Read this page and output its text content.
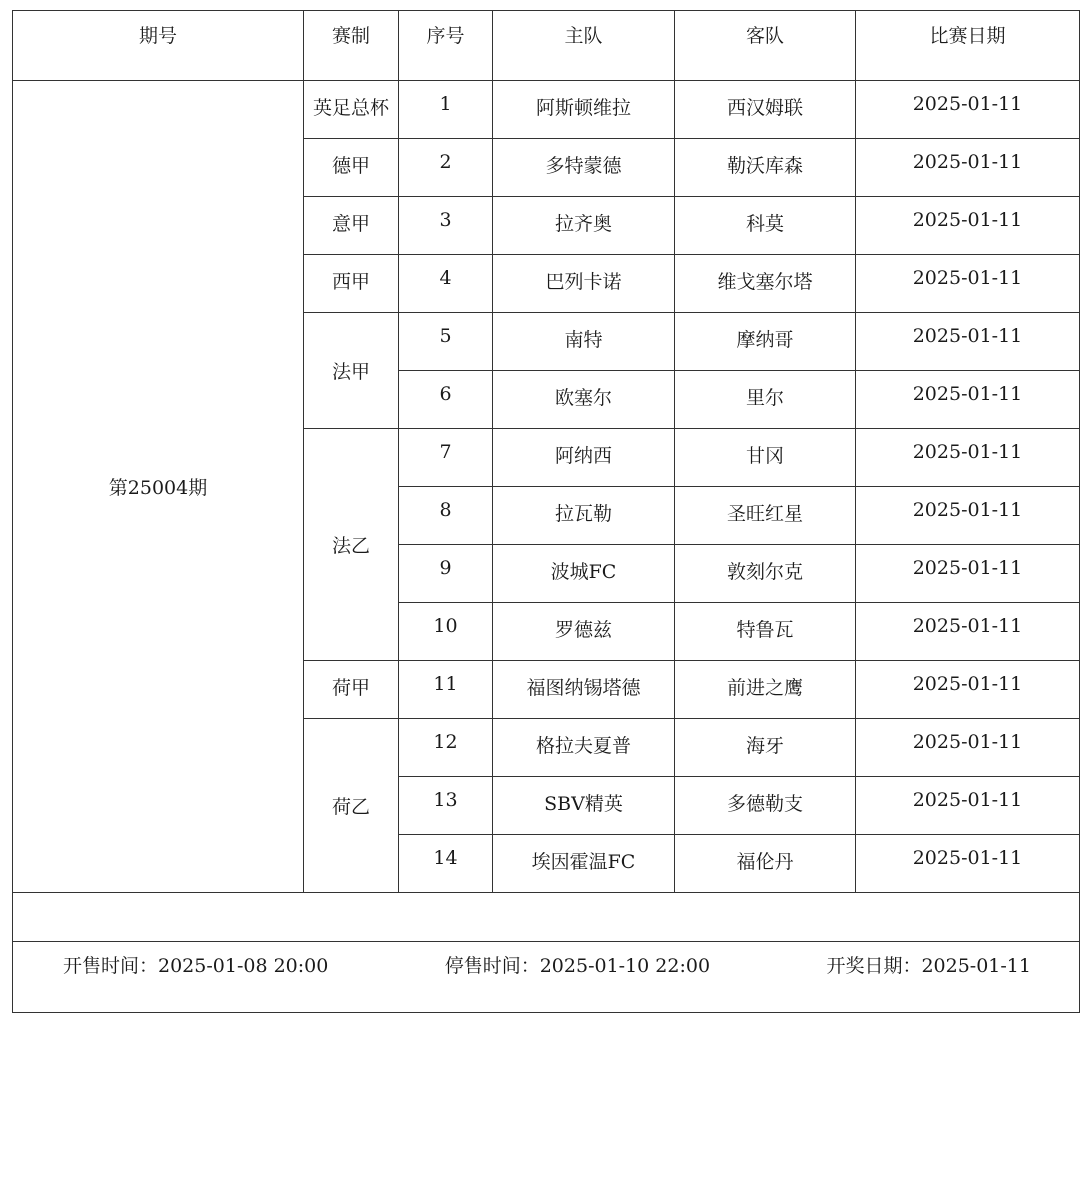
期号	赛制	序号	主队	客队	比赛日期
第25004期	英足总杯	1	阿斯顿维拉	西汉姆联	2025-01-11
	德甲	2	多特蒙德	勒沃库森	2025-01-11
	意甲	3	拉齐奥	科莫	2025-01-11
	西甲	4	巴列卡诺	维戈塞尔塔	2025-01-11
	法甲	5	南特	摩纳哥	2025-01-11
		6	欧塞尔	里尔	2025-01-11
	法乙	7	阿纳西	甘冈	2025-01-11
		8	拉瓦勒	圣旺红星	2025-01-11
		9	波城FC	敦刻尔克	2025-01-11
		10	罗德兹	特鲁瓦	2025-01-11
	荷甲	11	福图纳锡塔德	前进之鹰	2025-01-11
	荷乙	12	格拉夫夏普	海牙	2025-01-11
		13	SBV精英	多德勒支	2025-01-11
		14	埃因霍温FC	福伦丹	2025-01-11

开售时间：2025-01-08 20:00 停售时间：2025-01-10 22:00 开奖日期：2025-01-11					
